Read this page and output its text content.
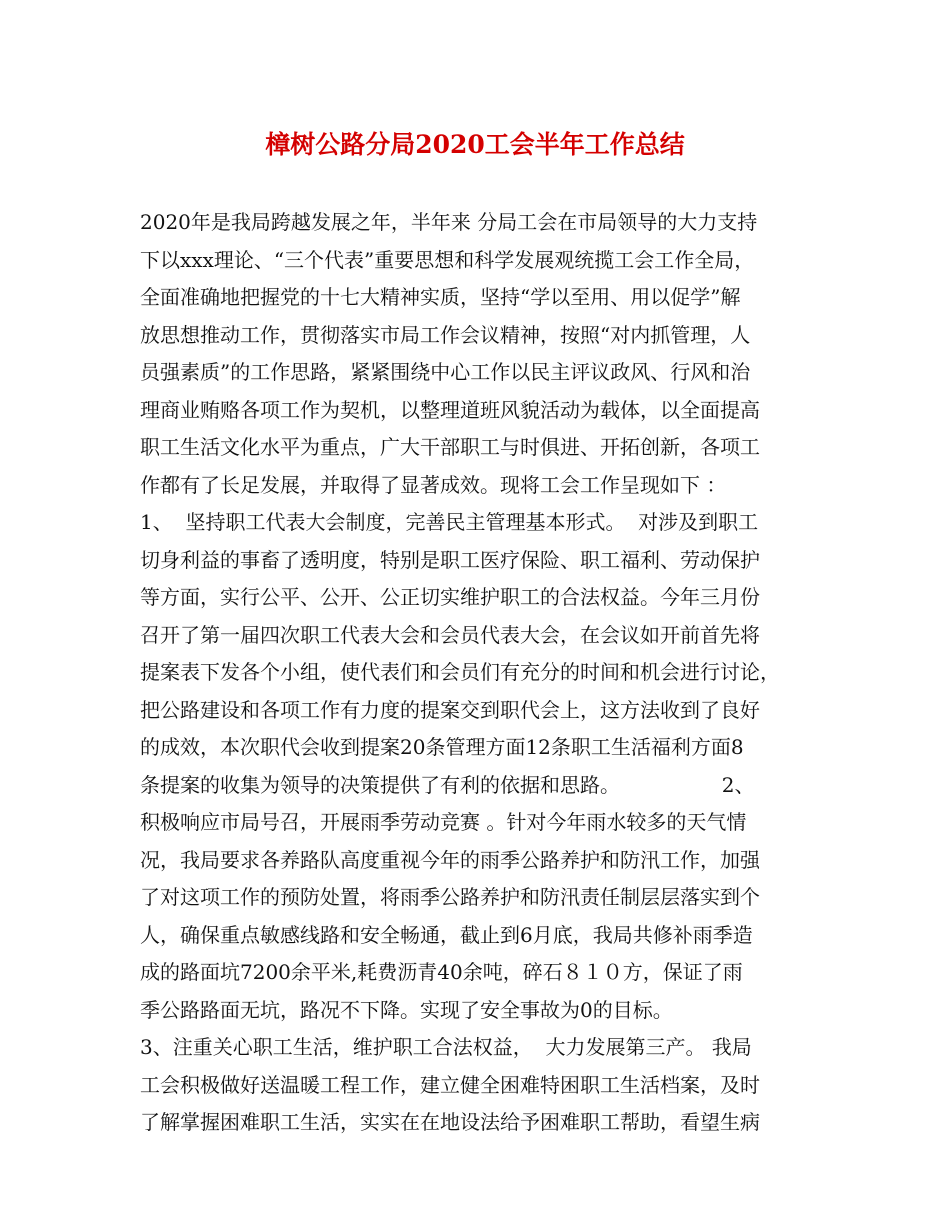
樟树公路分局2020工会半年工作总结
2020年是我局跨越发展之年，半年来 分局工会在市局领导的大力支持
下以xxx理论、“三个代表”重要思想和科学发展观统揽工会工作全局，
全面准确地把握党的十七大精神实质，坚持“学以至用、用以促学”解
放思想推动工作，贯彻落实市局工作会议精神，按照“对内抓管理，人
员强素质”的工作思路，紧紧围绕中心工作以民主评议政风、行风和治
理商业贿赂各项工作为契机，以整理道班风貌活动为载体，以全面提高
职工生活文化水平为重点，广大干部职工与时俱进、开拓创新，各项工
作都有了长足发展，并取得了显著成效。现将工会工作呈现如下 ：
1、  坚持职工代表大会制度，完善民主管理基本形式。  对涉及到职工
切身利益的事畜了透明度，特别是职工医疗保险、职工福利、劳动保护
等方面，实行公平、公开、公正切实维护职工的合法权益。今年三月份
召开了第一届四次职工代表大会和会员代表大会，在会议如开前首先将
提案表下发各个小组，使代表们和会员们有充分的时间和机会进行讨论，
把公路建设和各项工作有力度的提案交到职代会上，这方法收到了良好
的成效，本次职代会收到提案20条管理方面12条职工生活福利方面8
条提案的收集为领导的决策提供了有利的依据和思路。                2、
积极响应市局号召，开展雨季劳动竞赛 。针对今年雨水较多的天气情
况，我局要求各养路队高度重视今年的雨季公路养护和防汛工作，加强
了对这项工作的预防处置，将雨季公路养护和防汛责任制层层落实到个
人，确保重点敏感线路和安全畅通，截止到6月底，我局共修补雨季造
成的路面坑7200余平米,耗费沥青40余吨，碎石８１０方，保证了雨
季公路路面无坑，路况不下降。实现了安全事故为0的目标。
3、注重关心职工生活，维护职工合法权益，  大力发展第三产。 我局
工会积极做好送温暖工程工作，建立健全困难特困职工生活档案，及时
了解掌握困难职工生活，实实在在地设法给予困难职工帮助，看望生病
